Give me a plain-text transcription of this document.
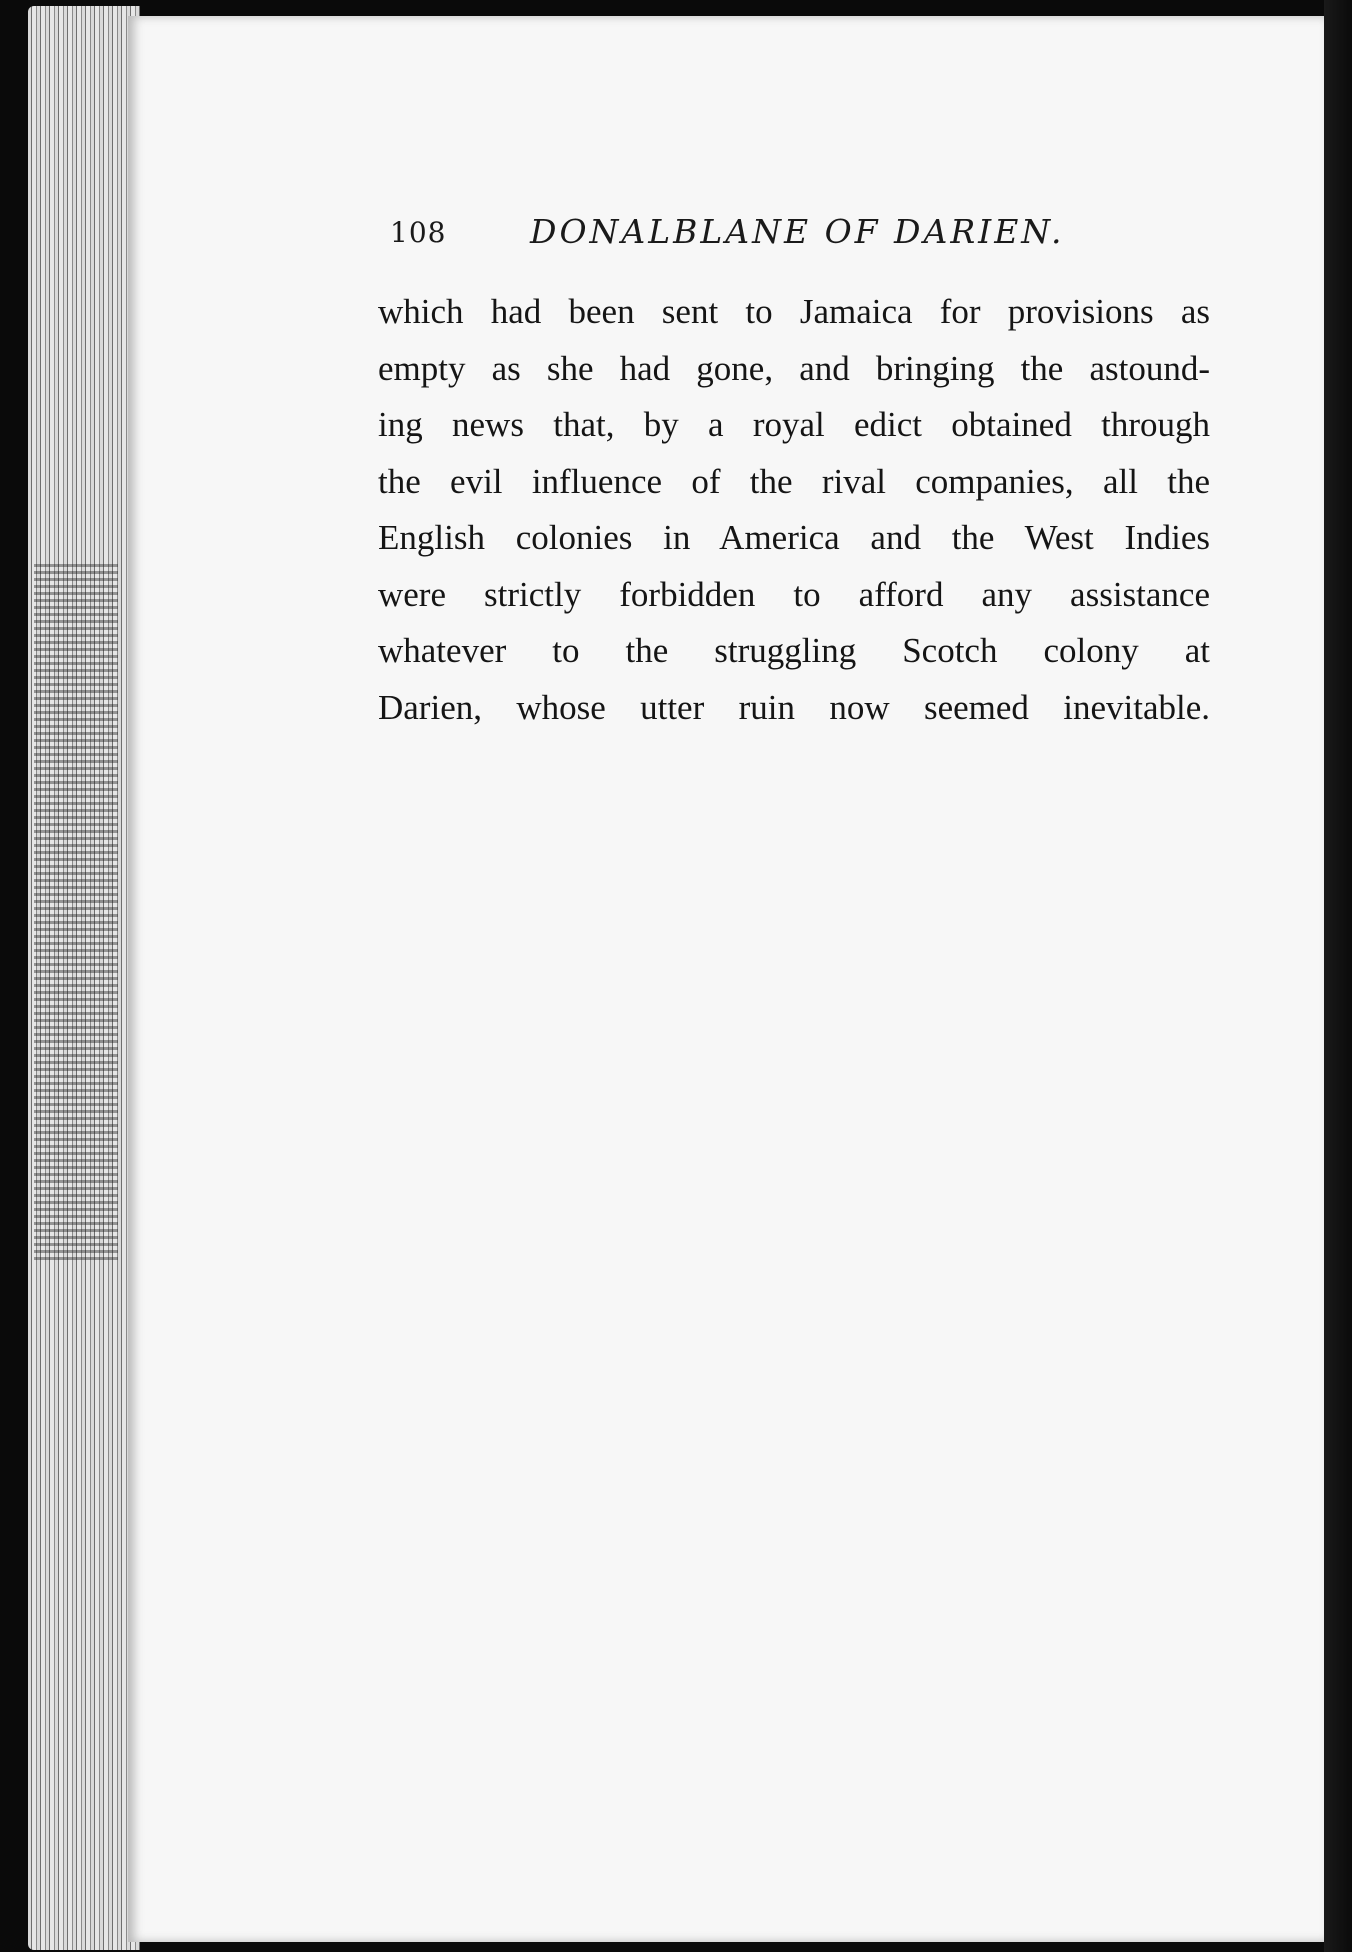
108	DONALBLANE OF DARIEN.
which had been sent to Jamaica for provisions as
empty as she had gone, and bringing the astound-
ing news that, by a royal edict obtained through
the evil influence of the rival companies, all the
English colonies in America and the West Indies
were strictly forbidden to afford any assistance
whatever to the struggling Scotch colony at
Darien, whose utter ruin now seemed inevitable.
